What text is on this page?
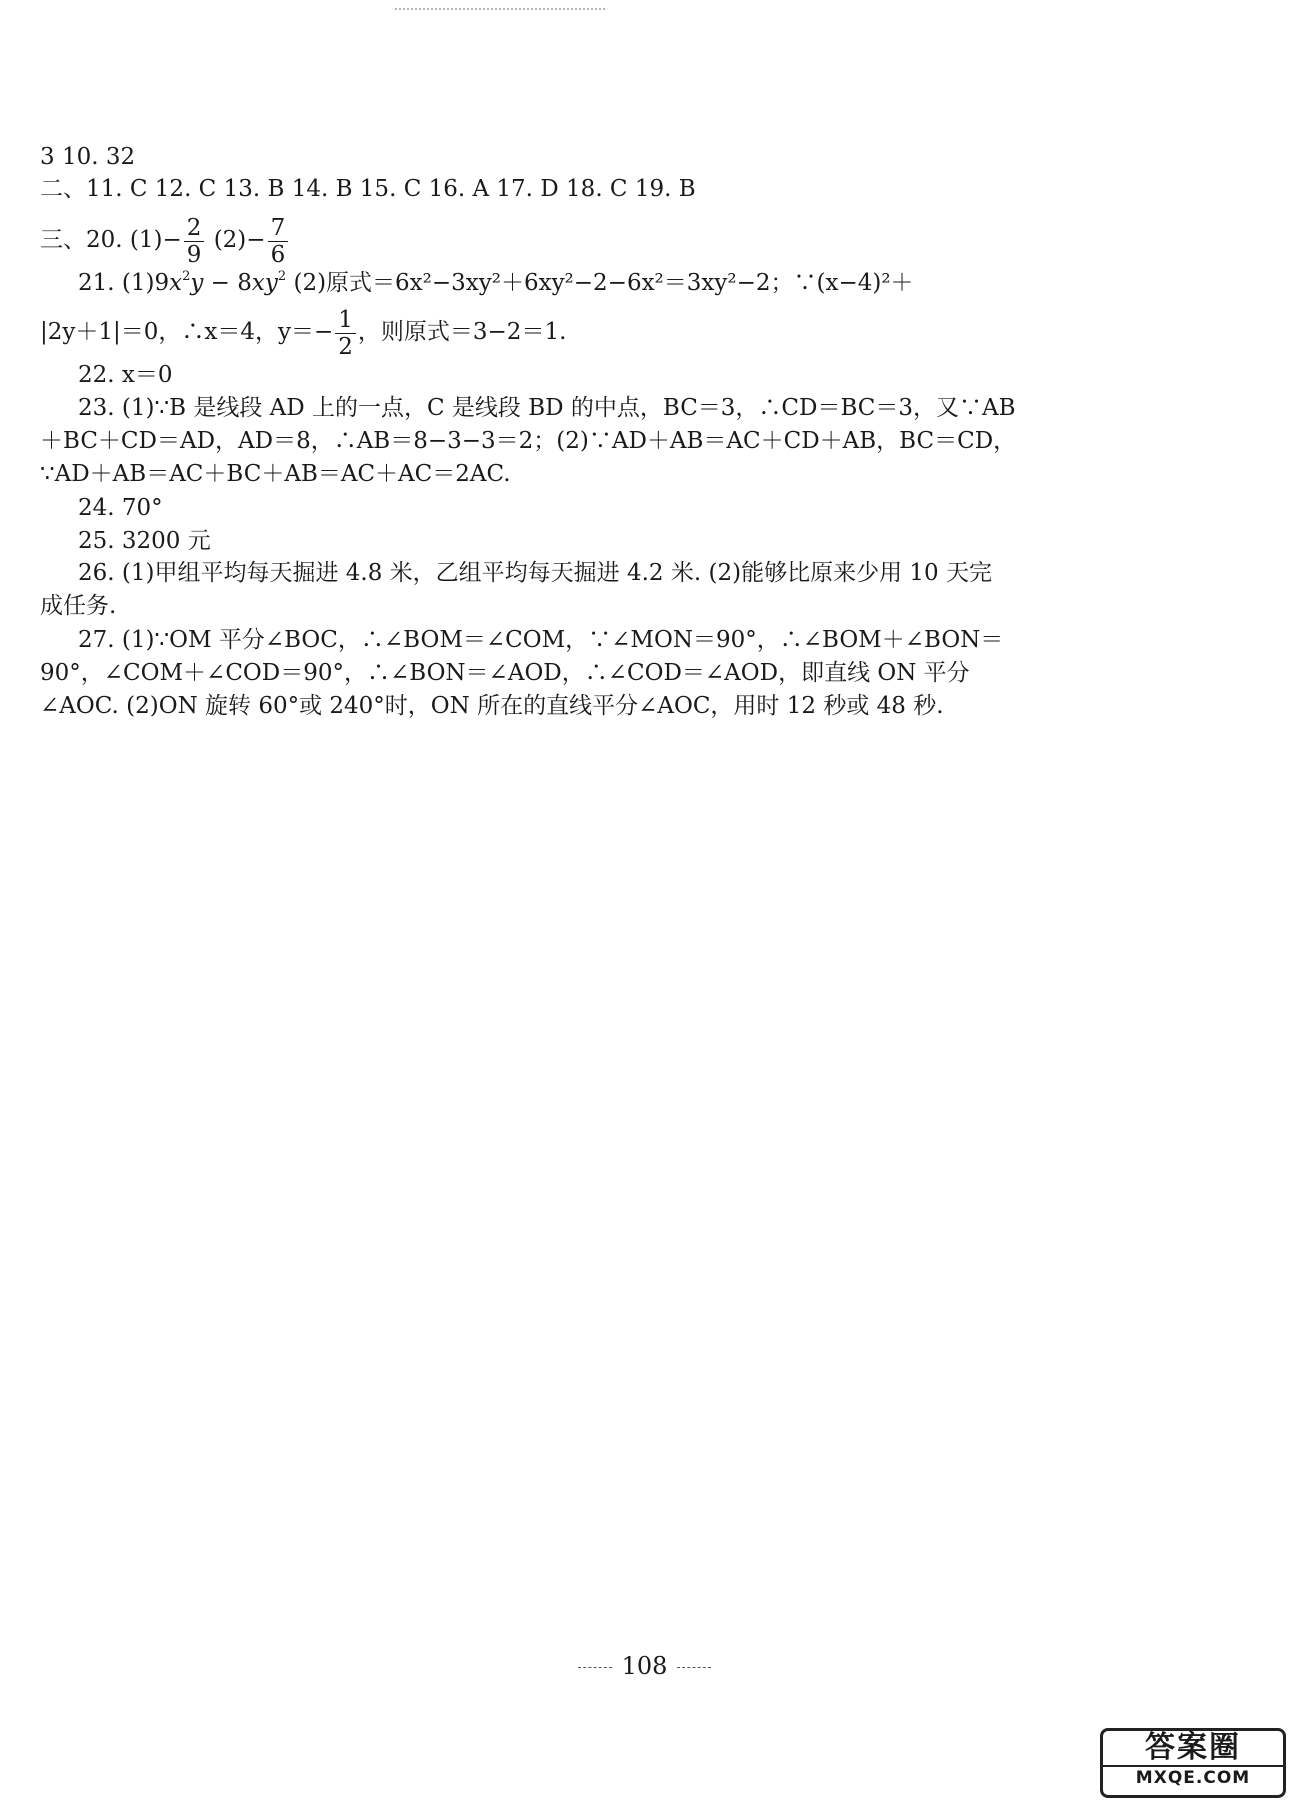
3 10. 32
二、11. C 12. C 13. B 14. B 15. C 16. A 17. D 18. C 19. B
三、20. $(1)- \frac{2}{9} (2)- \frac{7}{6}$
21. $(1)9x^2y - 8xy^2$ (2)原式＝6x²−3xy²＋6xy²−2−6x²＝3xy²−2；∵(x−4)²＋
|2y＋1|＝0，∴x＝4，$y=- \frac{1}{2}$ ，则原式＝3−2＝1.
22. x＝0
23. (1)∵B 是线段 AD 上的一点，C 是线段 BD 的中点，BC＝3，∴CD＝BC＝3，又∵AB
＋BC＋CD＝AD，AD＝8，∴AB＝8−3−3＝2；(2)∵AD＋AB＝AC＋CD＋AB，BC＝CD，
∵AD＋AB＝AC＋BC＋AB＝AC＋AC＝2AC.
24. 70°
25. 3200 元
26. (1)甲组平均每天掘进 4.8 米，乙组平均每天掘进 4.2 米. (2)能够比原来少用 10 天完
成任务.
27. (1)∵OM 平分∠BOC，∴∠BOM＝∠COM，∵∠MON＝90°，∴∠BOM＋∠BON＝
90°，∠COM＋∠COD＝90°，∴∠BON＝∠AOD，∴∠COD＝∠AOD，即直线 ON 平分
∠AOC. (2)ON 旋转 60°或 240°时，ON 所在的直线平分∠AOC，用时 12 秒或 48 秒.
108
答案圈
MXQE.COM
